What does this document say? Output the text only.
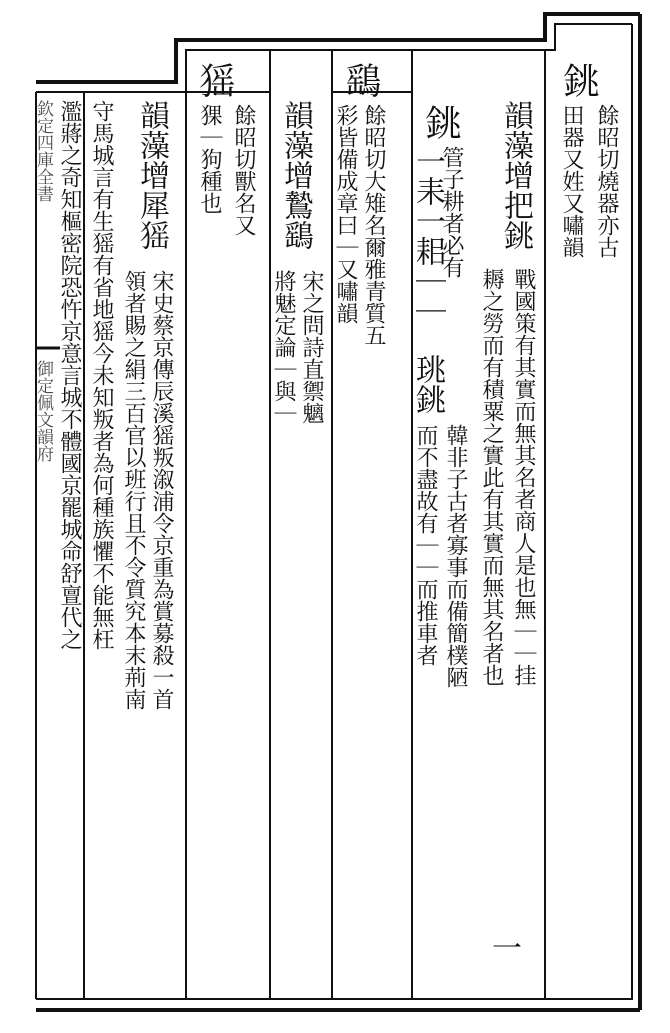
銚
餘昭切燒器亦古
田器又姓又嘯韻
韻藻增把銚
戰國策有其實而無其名者商人是也無｜｜挂
耨之勞而有積粟之實此有其實而無其名者也
一
銚
管子耕者必有
一耒一耜｜｜
珧銚
韓非子古者寡事而備簡樸陋
而不盡故有｜｜而推車者
鷂
餘昭切大雉名爾雅青質五
彩皆備成章曰｜又嘯韻
韻藻增鷙鷂
宋之問詩直禦魑
將魅定論｜與｜
猺
餘昭切獸名又
猓｜狗種也
韻藻增犀猺
宋史蔡京傳辰溪猺叛溆浦令京重為賞募殺一首
領者賜之絹三百官以班行且不令質究本末荊南
守馬城言有生猺有省地猺今未知叛者為何種族懼不能無枉
濫蔣之奇知樞密院恐忤京意言城不體國京罷城命舒亶代之
欽定四庫全書
御定佩文韻府
